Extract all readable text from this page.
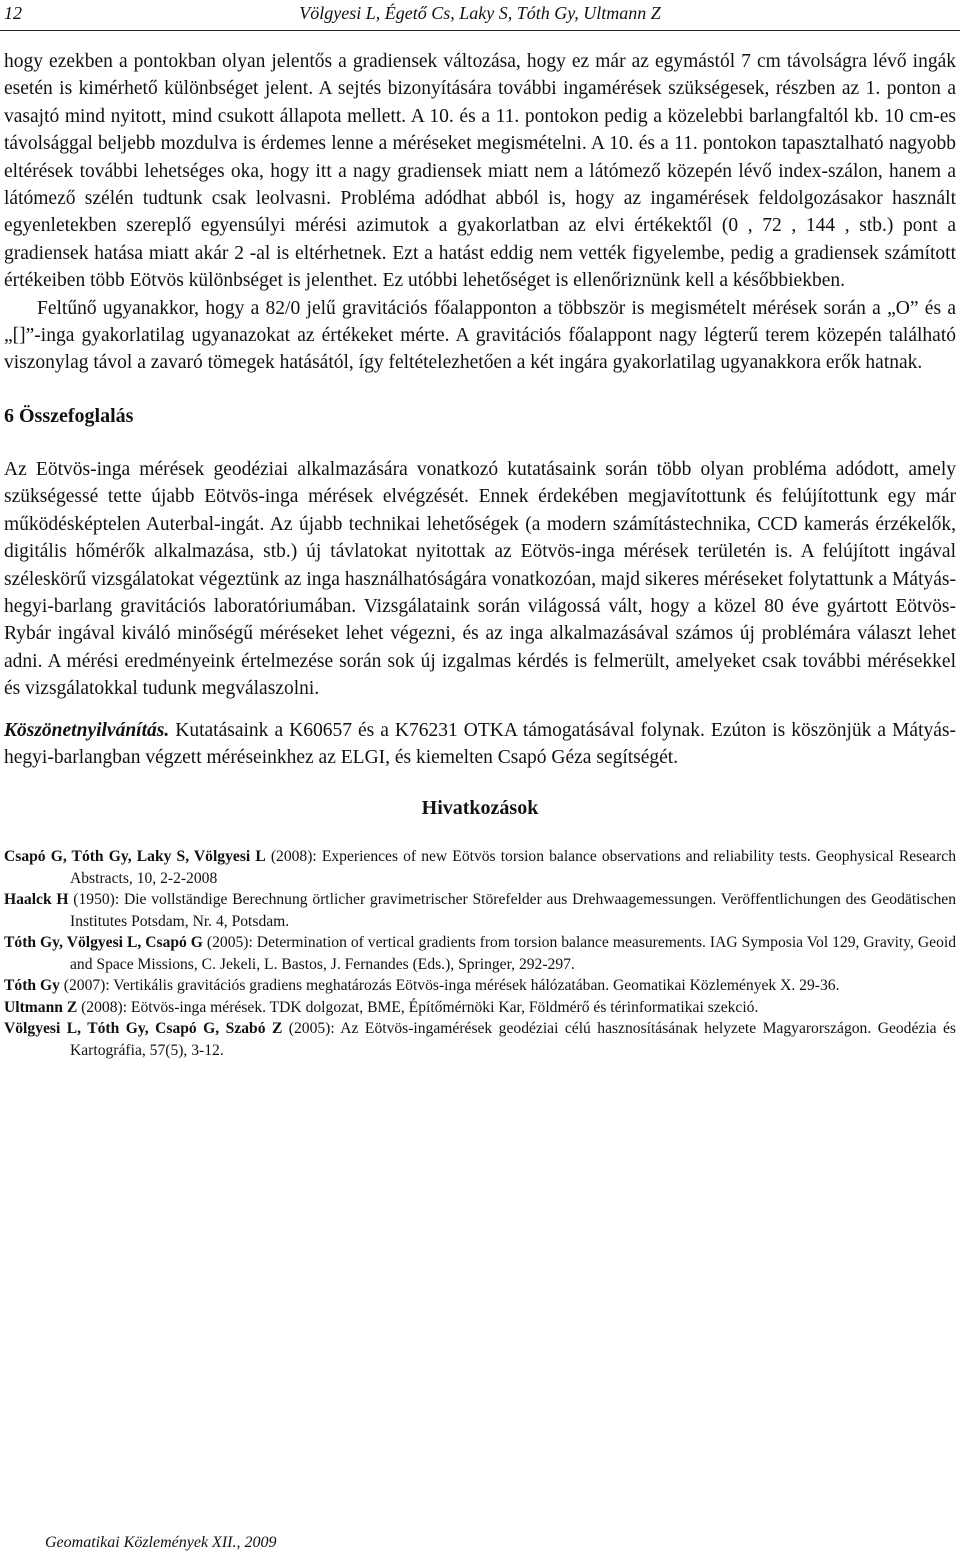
12	Völgyesi L, Égető Cs, Laky S, Tóth Gy, Ultmann Z

hogy ezekben a pontokban olyan jelentős a gradiensek változása, hogy ez már az egymástól 7 cm távolságra lévő ingák esetén is kimérhető különbséget jelent. A sejtés bizonyítására további ingamérések szükségesek, részben az 1. ponton a vasajtó mind nyitott, mind csukott állapota mellett. A 10. és a 11. pontokon pedig a közelebbi barlangfaltól kb. 10 cm-es távolsággal beljebb mozdulva is érdemes lenne a méréseket megismételni. A 10. és a 11. pontokon tapasztalható nagyobb eltérések további lehetséges oka, hogy itt a nagy gradiensek miatt nem a látómező közepén lévő index-szálon, hanem a látómező szélén tudtunk csak leolvasni. Probléma adódhat abból is, hogy az ingamérések feldolgozásakor használt egyenletekben szereplő egyensúlyi mérési azimutok a gyakorlatban az elvi értékektől (0 , 72 , 144 , stb.) pont a gradiensek hatása miatt akár 2 -al is eltérhetnek. Ezt a hatást eddig nem vették figyelembe, pedig a gradiensek számított értékeiben több Eötvös különbséget is jelenthet. Ez utóbbi lehetőséget is ellenőriznünk kell a későbbiekben.

Feltűnő ugyanakkor, hogy a 82/0 jelű gravitációs főalapponton a többször is megismételt mérések során a „O” és a „[]”-inga gyakorlatilag ugyanazokat az értékeket mérte. A gravitációs főalappont nagy légterű terem közepén található viszonylag távol a zavaró tömegek hatásától, így feltételezhetően a két ingára gyakorlatilag ugyanakkora erők hatnak.

6 Összefoglalás

Az Eötvös-inga mérések geodéziai alkalmazására vonatkozó kutatásaink során több olyan probléma adódott, amely szükségessé tette újabb Eötvös-inga mérések elvégzését. Ennek érdekében megjavítottunk és felújítottunk egy már működésképtelen Auterbal-ingát. Az újabb technikai lehetőségek (a modern számítástechnika, CCD kamerás érzékelők, digitális hőmérők alkalmazása, stb.) új távlatokat nyitottak az Eötvös-inga mérések területén is. A felújított ingával széleskörű vizsgálatokat végeztünk az inga használhatóságára vonatkozóan, majd sikeres méréseket folytattunk a Mátyás-hegyi-barlang gravitációs laboratóriumában. Vizsgálataink során világossá vált, hogy a közel 80 éve gyártott Eötvös-Rybár ingával kiváló minőségű méréseket lehet végezni, és az inga alkalmazásával számos új problémára választ lehet adni. A mérési eredményeink értelmezése során sok új izgalmas kérdés is felmerült, amelyeket csak további mérésekkel és vizsgálatokkal tudunk megválaszolni.

Köszönetnyilvánítás. Kutatásaink a K60657 és a K76231 OTKA támogatásával folynak. Ezúton is köszönjük a Mátyás-hegyi-barlangban végzett méréseinkhez az ELGI, és kiemelten Csapó Géza segítségét.

Hivatkozások
Csapó G, Tóth Gy, Laky S, Völgyesi L (2008): Experiences of new Eötvös torsion balance observations and reliability tests. Geophysical Research Abstracts, 10, 2-2-2008
Haalck H (1950): Die vollständige Berechnung örtlicher gravimetrischer Störefelder aus Drehwaagemessungen. Veröffentlichungen des Geodätischen Institutes Potsdam, Nr. 4, Potsdam.
Tóth Gy, Völgyesi L, Csapó G (2005): Determination of vertical gradients from torsion balance measurements. IAG Symposia Vol 129, Gravity, Geoid and Space Missions, C. Jekeli, L. Bastos, J. Fernandes (Eds.), Springer, 292-297.
Tóth Gy (2007): Vertikális gravitációs gradiens meghatározás Eötvös-inga mérések hálózatában. Geomatikai Közlemények X. 29-36.
Ultmann Z (2008): Eötvös-inga mérések. TDK dolgozat, BME, Építőmérnöki Kar, Földmérő és térinformatikai szekció.
Völgyesi L, Tóth Gy, Csapó G, Szabó Z (2005): Az Eötvös-ingamérések geodéziai célú hasznosításának helyzete Magyarországon. Geodézia és Kartográfia, 57(5), 3-12.
Geomatikai Közlemények XII., 2009
